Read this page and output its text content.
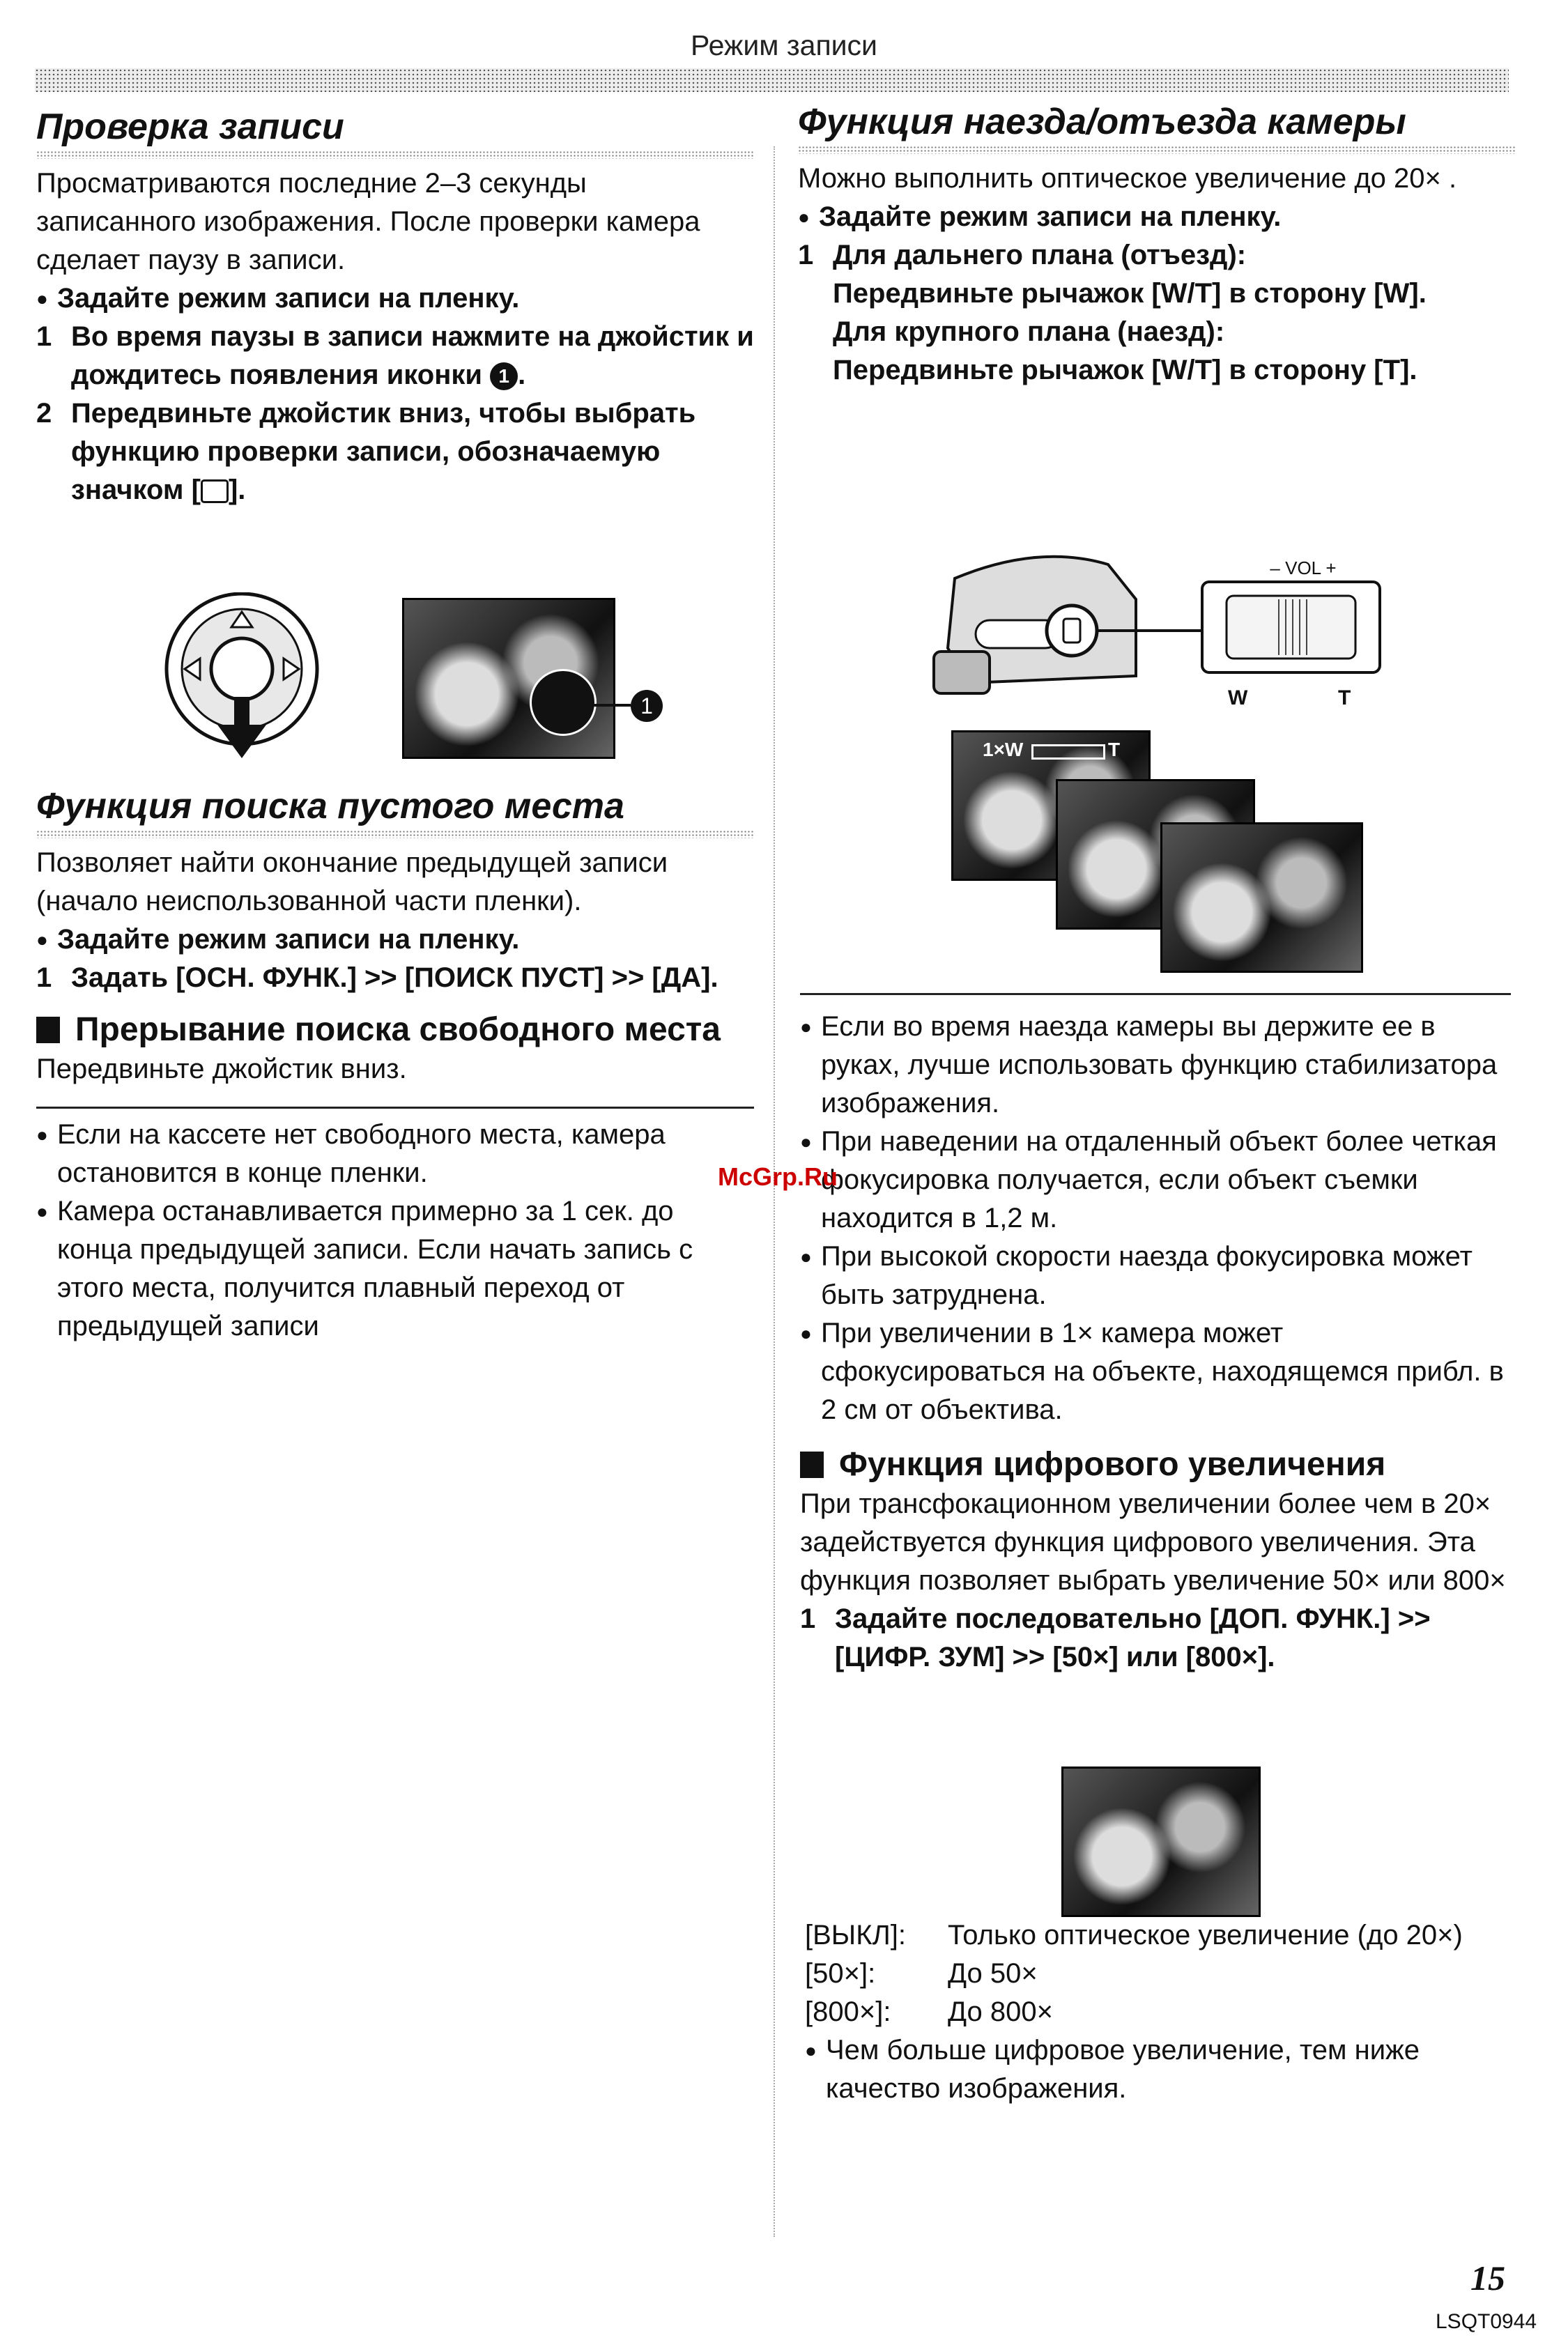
Режим записи
Проверка записи

Просматриваются последние 2–3 секунды записанного изображения. После проверки камера сделает паузу в записи.

● Задайте режим записи на пленку.
1 Во время паузы в записи нажмите на джойстик и дождитесь появления иконки 1 .
2 Передвиньте джойстик вниз, чтобы выбрать функцию проверки записи, обозначаемую значком [ ].
1
Функция поиска пустого места

Позволяет найти окончание предыдущей записи (начало неиспользованной части пленки).

● Задайте режим записи на пленку.
1 Задать [ОСН. ФУНК.] >> [ПОИСК ПУСТ] >> [ДА].
Прерывание поиска свободного места

Передвиньте джойстик вниз.

● Если на кассете нет свободного места, камера остановится в конце пленки.
● Камера останавливается примерно за 1 сек. до конца предыдущей записи. Если начать запись с этого места, получится плавный переход от предыдущей записи
Функция наезда/отъезда камеры

Можно выполнить оптическое увеличение до 20× .

● Задайте режим записи на пленку.
1 Для дальнего плана (отъезд):
Передвиньте рычажок [W/T] в сторону [W].
Для крупного плана (наезд):
Передвиньте рычажок [W/T] в сторону [T].
– VOL +
W	T
1×W	T
● Если во время наезда камеры вы держите ее в руках, лучше использовать функцию стабилизатора изображения.
● При наведении на отдаленный объект более четкая фокусировка получается, если объект съемки находится в 1,2 м.
● При высокой скорости наезда фокусировка может быть затруднена.
● При увеличении в 1× камера может сфокусироваться на объекте, находящемся прибл. в 2 см от объектива.
Функция цифрового увеличения

При трансфокационном увеличении более чем в 20× задействуется функция цифрового увеличения. Эта функция позволяет выбрать увеличение 50× или 800×

1 Задайте последовательно [ДОП. ФУНК.] >> [ЦИФР. ЗУМ] >> [50×] или [800×].
[ВЫКЛ]:	Только оптическое увеличение (до 20×)
[50×]:	До 50×
[800×]:	До 800×
● Чем больше цифровое увеличение, тем ниже качество изображения.
McGrp.Ru
15
LSQT0944
